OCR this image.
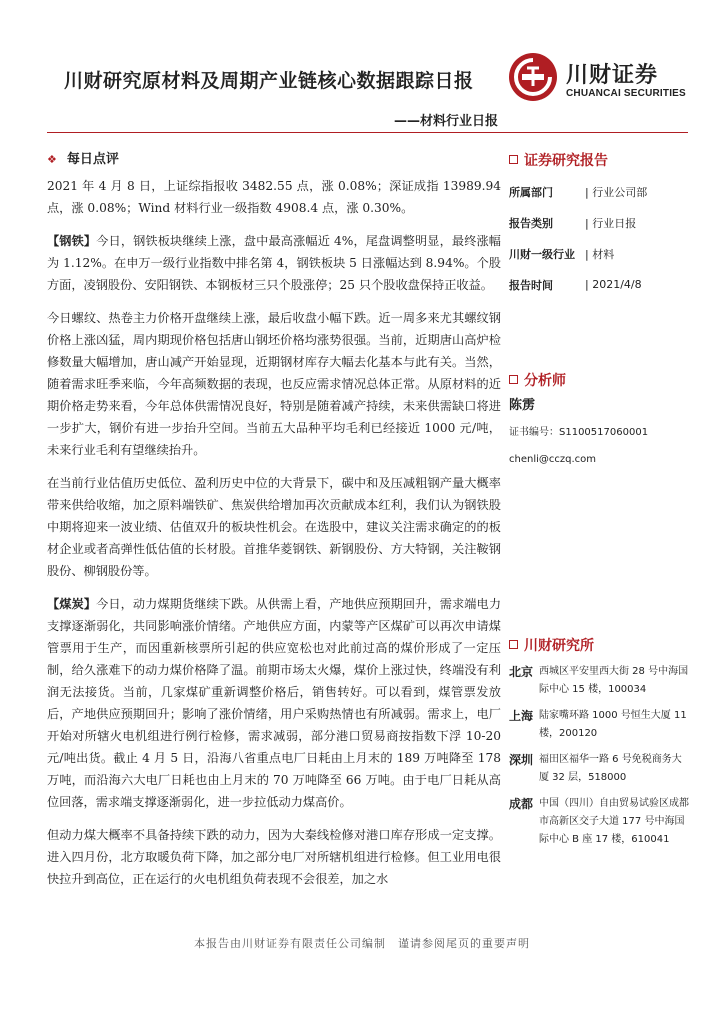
川财研究原材料及周期产业链核心数据跟踪日报
——材料行业日报
川财证券
CHUANCAI SECURITIES
❖ 每日点评

2021 年 4 月 8 日，上证综指报收 3482.55 点，涨 0.08%；深证成指 13989.94 点，涨 0.08%；Wind 材料行业一级指数 4908.4 点，涨 0.30%。

【钢铁】今日，钢铁板块继续上涨，盘中最高涨幅近 4%，尾盘调整明显，最终涨幅为 1.12%。在申万一级行业指数中排名第 4，钢铁板块 5 日涨幅达到 8.94%。个股方面，凌钢股份、安阳钢铁、本钢板材三只个股涨停；25 只个股收盘保持正收益。

今日螺纹、热卷主力价格开盘继续上涨，最后收盘小幅下跌。近一周多来尤其螺纹钢价格上涨凶猛，周内期现价格包括唐山钢坯价格均涨势很强。当前，近期唐山高炉检修数量大幅增加，唐山减产开始显现，近期钢材库存大幅去化基本与此有关。当然，随着需求旺季来临，今年高频数据的表现，也反应需求情况总体正常。从原材料的近期价格走势来看，今年总体供需情况良好，特别是随着减产持续，未来供需缺口将进一步扩大，钢价有进一步抬升空间。当前五大品种平均毛利已经接近 1000 元/吨，未来行业毛利有望继续抬升。

在当前行业估值历史低位、盈利历史中位的大背景下，碳中和及压减粗钢产量大概率带来供给收缩，加之原料端铁矿、焦炭供给增加再次贡献成本红利，我们认为钢铁股中期将迎来一波业绩、估值双升的板块性机会。在选股中，建议关注需求确定的的板材企业或者高弹性低估值的长材股。首推华菱钢铁、新钢股份、方大特钢，关注鞍钢股份、柳钢股份等。

【煤炭】今日，动力煤期货继续下跌。从供需上看，产地供应预期回升，需求端电力支撑逐渐弱化，共同影响涨价情绪。产地供应方面，内蒙等产区煤矿可以再次申请煤管票用于生产，而因重新核票所引起的供应宽松也对此前过高的煤价形成了一定压制，给久涨难下的动力煤价格降了温。前期市场太火爆，煤价上涨过快，终端没有利润无法接货。当前，几家煤矿重新调整价格后，销售转好。可以看到，煤管票发放后，产地供应预期回升；影响了涨价情绪，用户采购热情也有所减弱。需求上，电厂开始对所辖火电机组进行例行检修，需求减弱，部分港口贸易商按指数下浮 10-20 元/吨出货。截止 4 月 5 日，沿海八省重点电厂日耗由上月末的 189 万吨降至 178 万吨，而沿海六大电厂日耗也由上月末的 70 万吨降至 66 万吨。由于电厂日耗从高位回落，需求端支撑逐渐弱化，进一步拉低动力煤高价。

但动力煤大概率不具备持续下跌的动力，因为大秦线检修对港口库存形成一定支撑。进入四月份，北方取暖负荷下降，加之部分电厂对所辖机组进行检修。但工业用电很快拉升到高位，正在运行的火电机组负荷表现不会很差，加之水

证券研究报告
所属部门	| 行业公司部
报告类别	| 行业日报
川财一级行业 | 材料
报告时间	| 2021/4/8
分析师
陈雳
证书编号：S1100517060001
chenli@cczq.com
川财研究所
北京 西城区平安里西大街 28 号中海国际中心 15 楼，100034
上海 陆家嘴环路 1000 号恒生大厦 11 楼，200120
深圳 福田区福华一路 6 号免税商务大厦 32 层，518000
成都 中国（四川）自由贸易试验区成都市高新区交子大道 177 号中海国际中心 B 座 17 楼，610041
本报告由川财证券有限责任公司编制　谨请参阅尾页的重要声明
